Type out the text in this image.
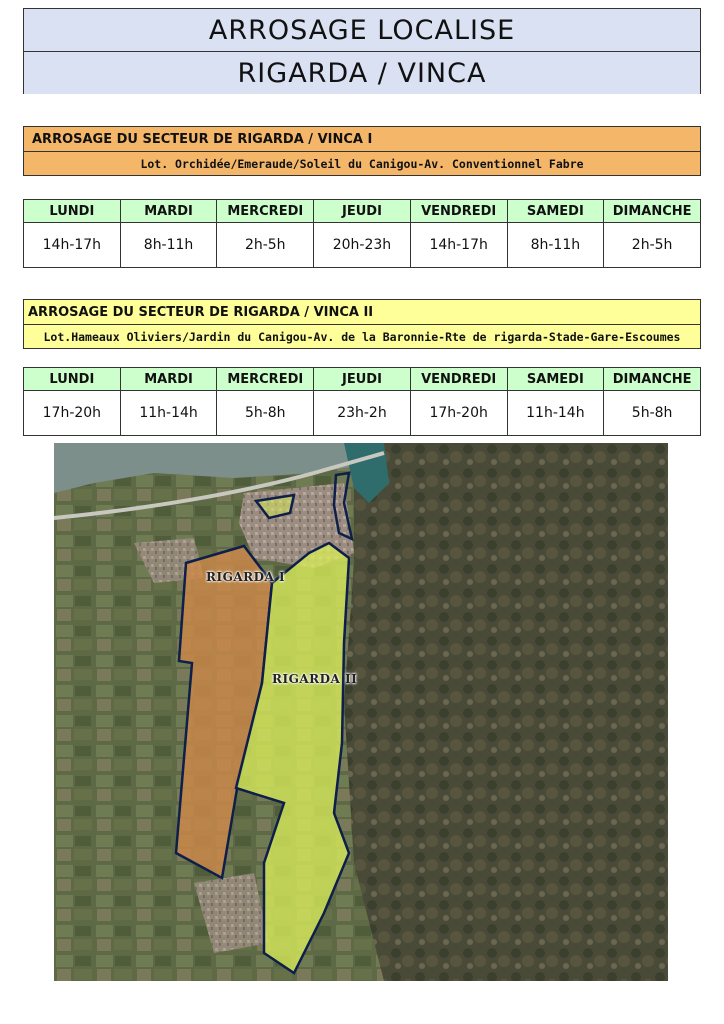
ARROSAGE LOCALISE
RIGARDA / VINCA
ARROSAGE DU SECTEUR DE RIGARDA / VINCA I
Lot. Orchidée/Emeraude/Soleil du Canigou-Av. Conventionnel Fabre
LUNDI	MARDI	MERCREDI	JEUDI	VENDREDI	SAMEDI	DIMANCHE
14h-17h	8h-11h	2h-5h	20h-23h	14h-17h	8h-11h	2h-5h
ARROSAGE DU SECTEUR DE RIGARDA / VINCA II
Lot.Hameaux Oliviers/Jardin du Canigou-Av. de la Baronnie-Rte de rigarda-Stade-Gare-Escoumes
LUNDI	MARDI	MERCREDI	JEUDI	VENDREDI	SAMEDI	DIMANCHE
17h-20h	11h-14h	5h-8h	23h-2h	17h-20h	11h-14h	5h-8h
RIGARDA I
RIGARDA II
